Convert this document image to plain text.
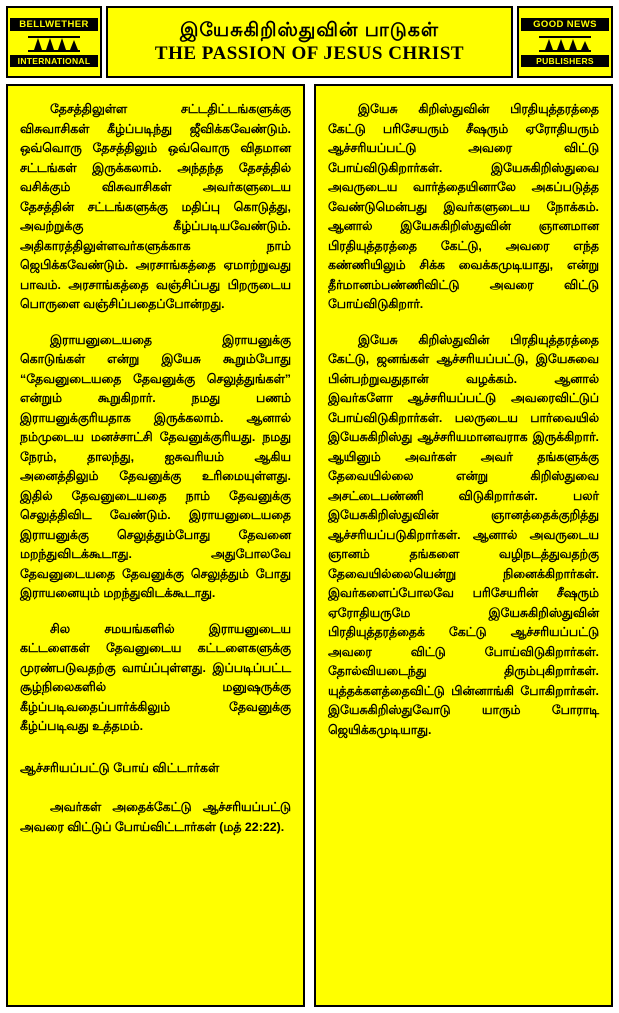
BELLWETHER
INTERNATIONAL
இயேசுகிறிஸ்துவின் பாடுகள்
THE PASSION OF JESUS CHRIST
GOOD NEWS
PUBLISHERS

தேசத்திலுள்ள சட்டதிட்டங்களுக்கு விசுவாசிகள் கீழ்ப்படிந்து ஜீவிக்கவேண்டும். ஒவ்வொரு தேசத்திலும் ஒவ்வொரு விதமான சட்டங்கள் இருக்கலாம். அந்தந்த தேசத்தில் வசிக்கும் விசுவாசிகள் அவர்களுடைய தேசத்தின் சட்டங்களுக்கு மதிப்பு கொடுத்து, அவற்றுக்கு கீழ்ப்படியவேண்டும். அதிகாரத்திலுள்ளவர்களுக்காக நாம் ஜெபிக்கவேண்டும். அரசாங்கத்தை ஏமாற்றுவது பாவம். அரசாங்கத்தை வஞ்சிப்பது பிறருடைய பொருளை வஞ்சிப்பதைப்போன்றது.

இராயனுடையதை இராயனுக்கு கொடுங்கள் என்று இயேசு கூறும்போது “தேவனுடையதை தேவனுக்கு செலுத்துங்கள்” என்றும் கூறுகிறார். நமது பணம் இராயனுக்குரியதாக இருக்கலாம். ஆனால் நம்முடைய மனச்சாட்சி தேவனுக்குரியது. நமது நேரம், தாலந்து, ஐசுவரியம் ஆகிய அனைத்திலும் தேவனுக்கு உரிமையுள்ளது. இதில் தேவனுடையதை நாம் தேவனுக்கு செலுத்திவிட வேண்டும். இராயனுடையதை இராயனுக்கு செலுத்தும்போது தேவனை மறந்துவிடக்கூடாது. அதுபோலவே தேவனுடையதை தேவனுக்கு செலுத்தும் போது இராயனையும் மறந்துவிடக்கூடாது.

சில சமயங்களில் இராயனுடைய கட்டளைகள் தேவனுடைய கட்டளைகளுக்கு முரண்படுவதற்கு வாய்ப்புள்ளது. இப்படிப்பட்ட சூழ்நிலைகளில் மனுஷருக்கு கீழ்ப்படிவதைப்பார்க்கிலும் தேவனுக்கு கீழ்ப்படிவது உத்தமம்.

ஆச்சரியப்பட்டு போய் விட்டார்கள்

அவர்கள் அதைக்கேட்டு ஆச்சரியப்பட்டு அவரை விட்டுப் போய்விட்டார்கள் (மத் 22:22).

இயேசு கிறிஸ்துவின் பிரதியுத்தரத்தை கேட்டு பரிசேயரும் சீஷரும் ஏரோதியரும் ஆச்சரியப்பட்டு அவரை விட்டு போய்விடுகிறார்கள். இயேசுகிறிஸ்துவை அவருடைய வார்த்தையினாலே அகப்படுத்த வேண்டுமென்பது இவர்களுடைய நோக்கம். ஆனால் இயேசுகிறிஸ்துவின் ஞானமான பிரதியுத்தரத்தை கேட்டு, அவரை எந்த கண்ணியிலும் சிக்க வைக்கமுடியாது, என்று தீர்மானம்பண்ணிவிட்டு அவரை விட்டு போய்விடுகிறார்.

இயேசு கிறிஸ்துவின் பிரதியுத்தரத்தை கேட்டு, ஜனங்கள் ஆச்சரியப்பட்டு, இயேசுவை பின்பற்றுவதுதான் வழக்கம். ஆனால் இவர்களோ ஆச்சரியப்பட்டு அவரைவிட்டுப் போய்விடுகிறார்கள். பலருடைய பார்வையில் இயேசுகிறிஸ்து ஆச்சரியமானவராக இருக்கிறார். ஆயினும் அவர்கள் அவர் தங்களுக்கு தேவையில்லை என்று கிறிஸ்துவை அசட்டைபண்ணி விடுகிறார்கள். பலர் இயேசுகிறிஸ்துவின் ஞானத்தைக்குறித்து ஆச்சரியப்படுகிறார்கள். ஆனால் அவருடைய ஞானம் தங்களை வழிநடத்துவதற்கு தேவையில்லையென்று நினைக்கிறார்கள். இவர்களைப்போலவே பரிசேயரின் சீஷரும் ஏரோதியருமே இயேசுகிறிஸ்துவின் பிரதியுத்தரத்தைக் கேட்டு ஆச்சரியப்பட்டு அவரை விட்டு போய்விடுகிறார்கள். தோல்வியடைந்து திரும்புகிறார்கள். யுத்தக்களத்தைவிட்டு பின்னாங்கி போகிறார்கள். இயேசுகிறிஸ்துவோடு யாரும் போராடி ஜெயிக்கமுடியாது.
